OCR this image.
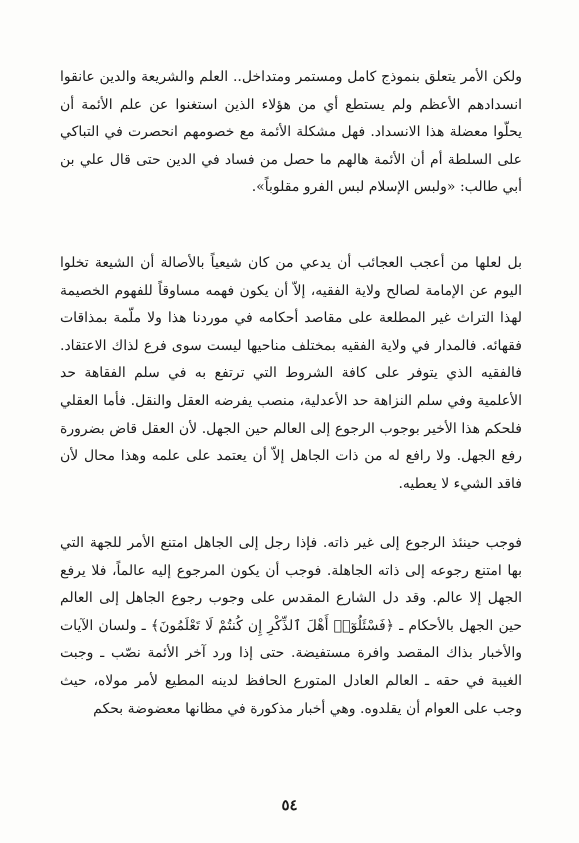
ولكن الأمر يتعلق بنموذج كامل ومستمر ومتداخل.. العلم والشريعة والدين عانقوا انسدادهم الأعظم ولم يستطع أي من هؤلاء الذين استغنوا عن علم الأئمة أن يحلّوا معضلة هذا الانسداد. فهل مشكلة الأئمة مع خصومهم انحصرت في التباكي على السلطة أم أن الأئمة هالهم ما حصل من فساد في الدين حتى قال علي بن أبي طالب: «ولبس الإسلام لبس الفرو مقلوباً».

بل لعلها من أعجب العجائب أن يدعي من كان شيعياً بالأصالة أن الشيعة تخلوا اليوم عن الإمامة لصالح ولاية الفقيه، إلاّ أن يكون فهمه مساوقاً للفهوم الخصيمة لهذا التراث غير المطلعة على مقاصد أحكامه في موردنا هذا ولا ملّمة بمذاقات فقهائه. فالمدار في ولاية الفقيه بمختلف مناحيها ليست سوى فرع لذاك الاعتقاد. فالفقيه الذي يتوفر على كافة الشروط التي ترتفع به في سلم الفقاهة حد الأعلمية وفي سلم النزاهة حد الأعدلية، منصب يفرضه العقل والنقل. فأما العقلي فلحكم هذا الأخير بوجوب الرجوع إلى العالم حين الجهل. لأن العقل قاض بضرورة رفع الجهل. ولا رافع له من ذات الجاهل إلاّ أن يعتمد على علمه وهذا محال لأن فاقد الشيء لا يعطيه.

فوجب حينئذ الرجوع إلى غير ذاته. فإذا رجل إلى الجاهل امتنع الأمر للجهة التي بها امتنع رجوعه إلى ذاته الجاهلة. فوجب أن يكون المرجوع إليه عالماً، فلا يرفع الجهل إلا عالم. وقد دل الشارع المقدس على وجوب رجوع الجاهل إلى العالم حين الجهل بالأحكام ـ ﴿فَسْئَلُوٓا۟ أَهْلَ ٱلذِّكْرِ إِن كُنتُمْ لَا تَعْلَمُونَ﴾ ـ ولسان الآيات والأخبار بذاك المقصد وافرة مستفيضة. حتى إذا ورد آخر الأئمة نصّب ـ وجبت الغيبة في حقه ـ العالم العادل المتورع الحافظ لدينه المطيع لأمر مولاه، حيث وجب على العوام أن يقلدوه. وهي أخبار مذكورة في مظانها معضوضة بحكم

٥٤
